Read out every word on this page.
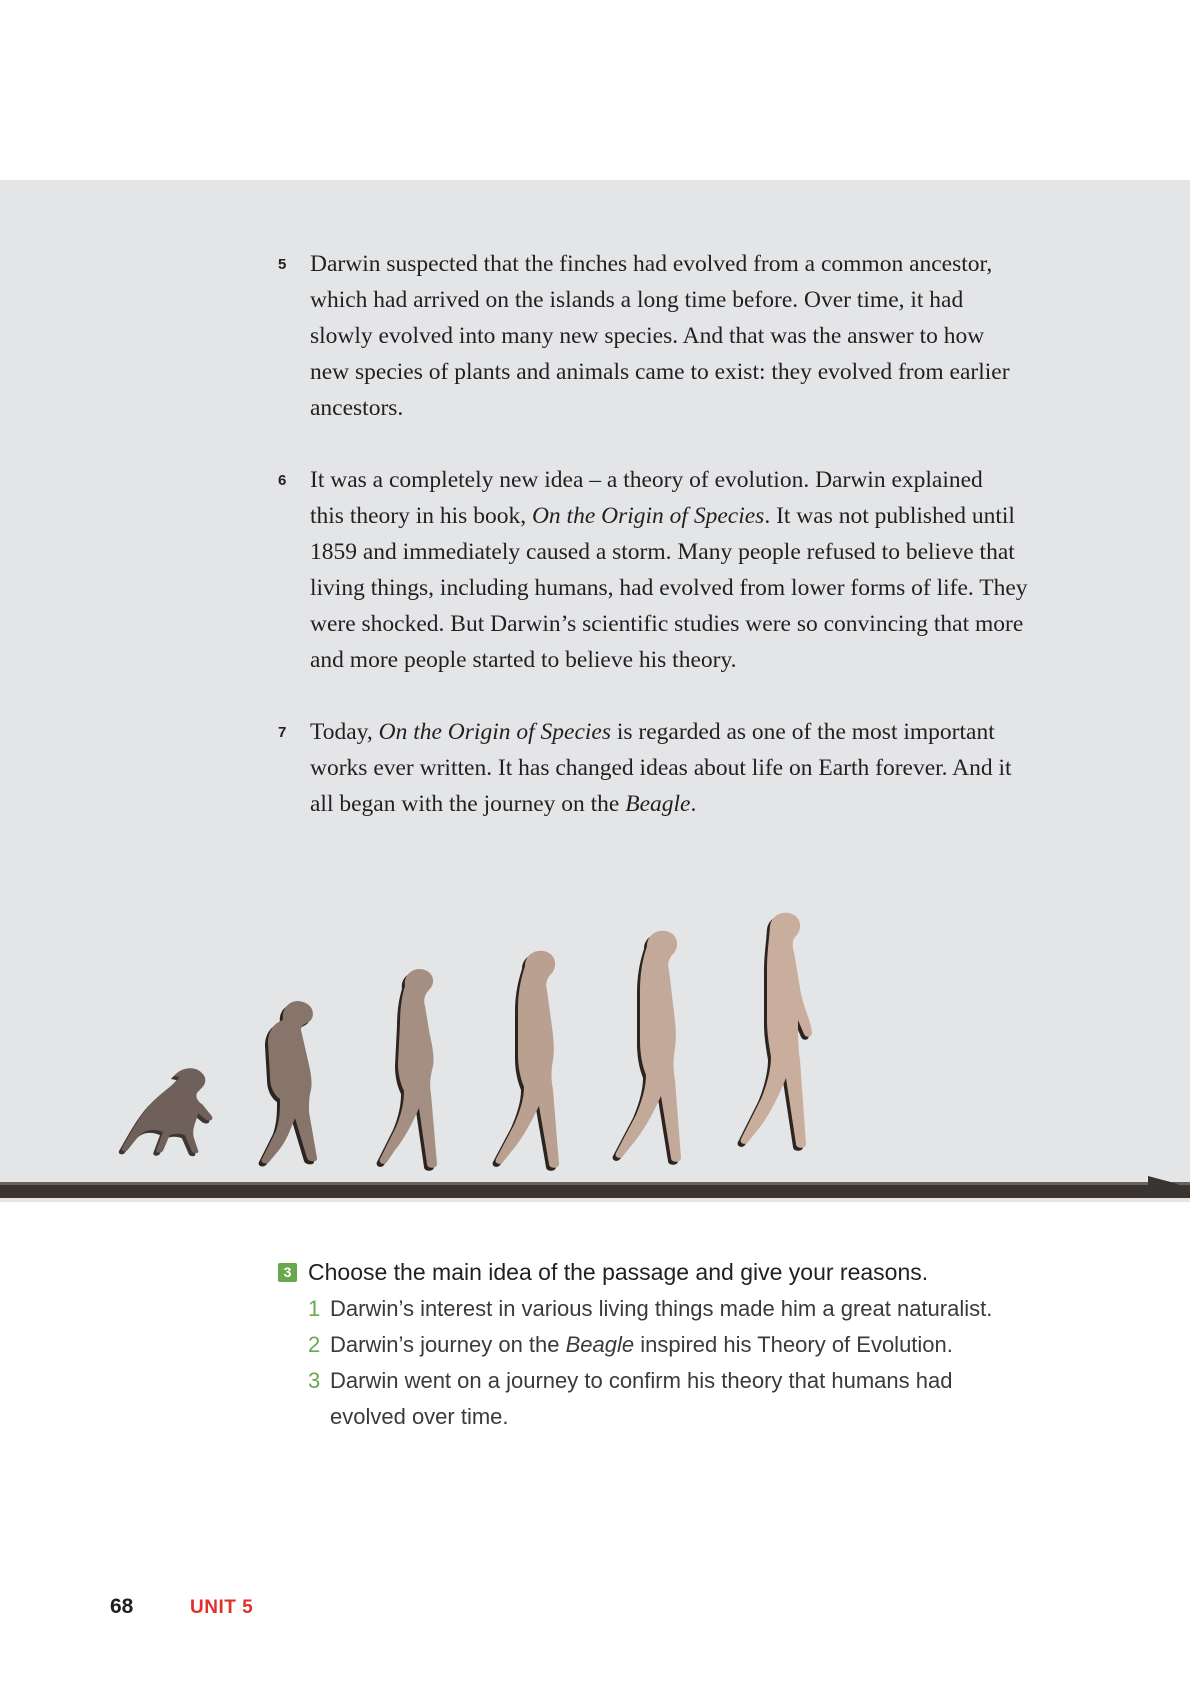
5 Darwin suspected that the finches had evolved from a common ancestor,
which had arrived on the islands a long time before. Over time, it had
slowly evolved into many new species. And that was the answer to how
new species of plants and animals came to exist: they evolved from earlier
ancestors.
6 It was a completely new idea – a theory of evolution. Darwin explained
this theory in his book, On the Origin of Species. It was not published until
1859 and immediately caused a storm. Many people refused to believe that
living things, including humans, had evolved from lower forms of life. They
were shocked. But Darwin’s scientific studies were so convincing that more
and more people started to believe his theory.
7 Today, On the Origin of Species is regarded as one of the most important
works ever written. It has changed ideas about life on Earth forever. And it
all began with the journey on the Beagle.
3 Choose the main idea of the passage and give your reasons.
1 Darwin’s interest in various living things made him a great naturalist.
2 Darwin’s journey on the Beagle inspired his Theory of Evolution.
3 Darwin went on a journey to confirm his theory that humans had
evolved over time.
68	UNIT 5
